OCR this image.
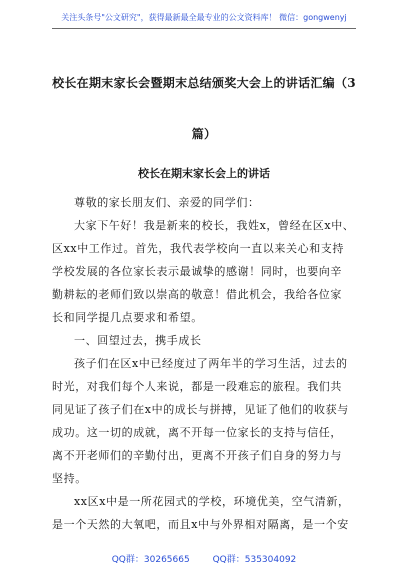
关注头条号"公文研究"，获得最新最全最专业的公文资料库！ 微信：gongwenyj
校长在期末家长会暨期末总结颁奖大会上的讲话汇编（3
篇）
校长在期末家长会上的讲话
尊敬的家长朋友们、亲爱的同学们：
大家下午好！我是新来的校长，我姓x，曾经在区x中、
区xx中工作过。首先，我代表学校向一直以来关心和支持
学校发展的各位家长表示最诚挚的感谢！同时，也要向辛
勤耕耘的老师们致以崇高的敬意！借此机会，我给各位家
长和同学提几点要求和希望。
一、回望过去，携手成长
孩子们在区x中已经度过了两年半的学习生活，过去的
时光，对我们每个人来说，都是一段难忘的旅程。我们共
同见证了孩子们在x中的成长与拼搏，见证了他们的收获与
成功。这一切的成就，离不开每一位家长的支持与信任，
离不开老师们的辛勤付出，更离不开孩子们自身的努力与
坚持。
xx区x中是一所花园式的学校，环境优美，空气清新，
是一个天然的大氧吧，而且x中与外界相对隔离，是一个安
QQ群：30265665	QQ群：535304092
